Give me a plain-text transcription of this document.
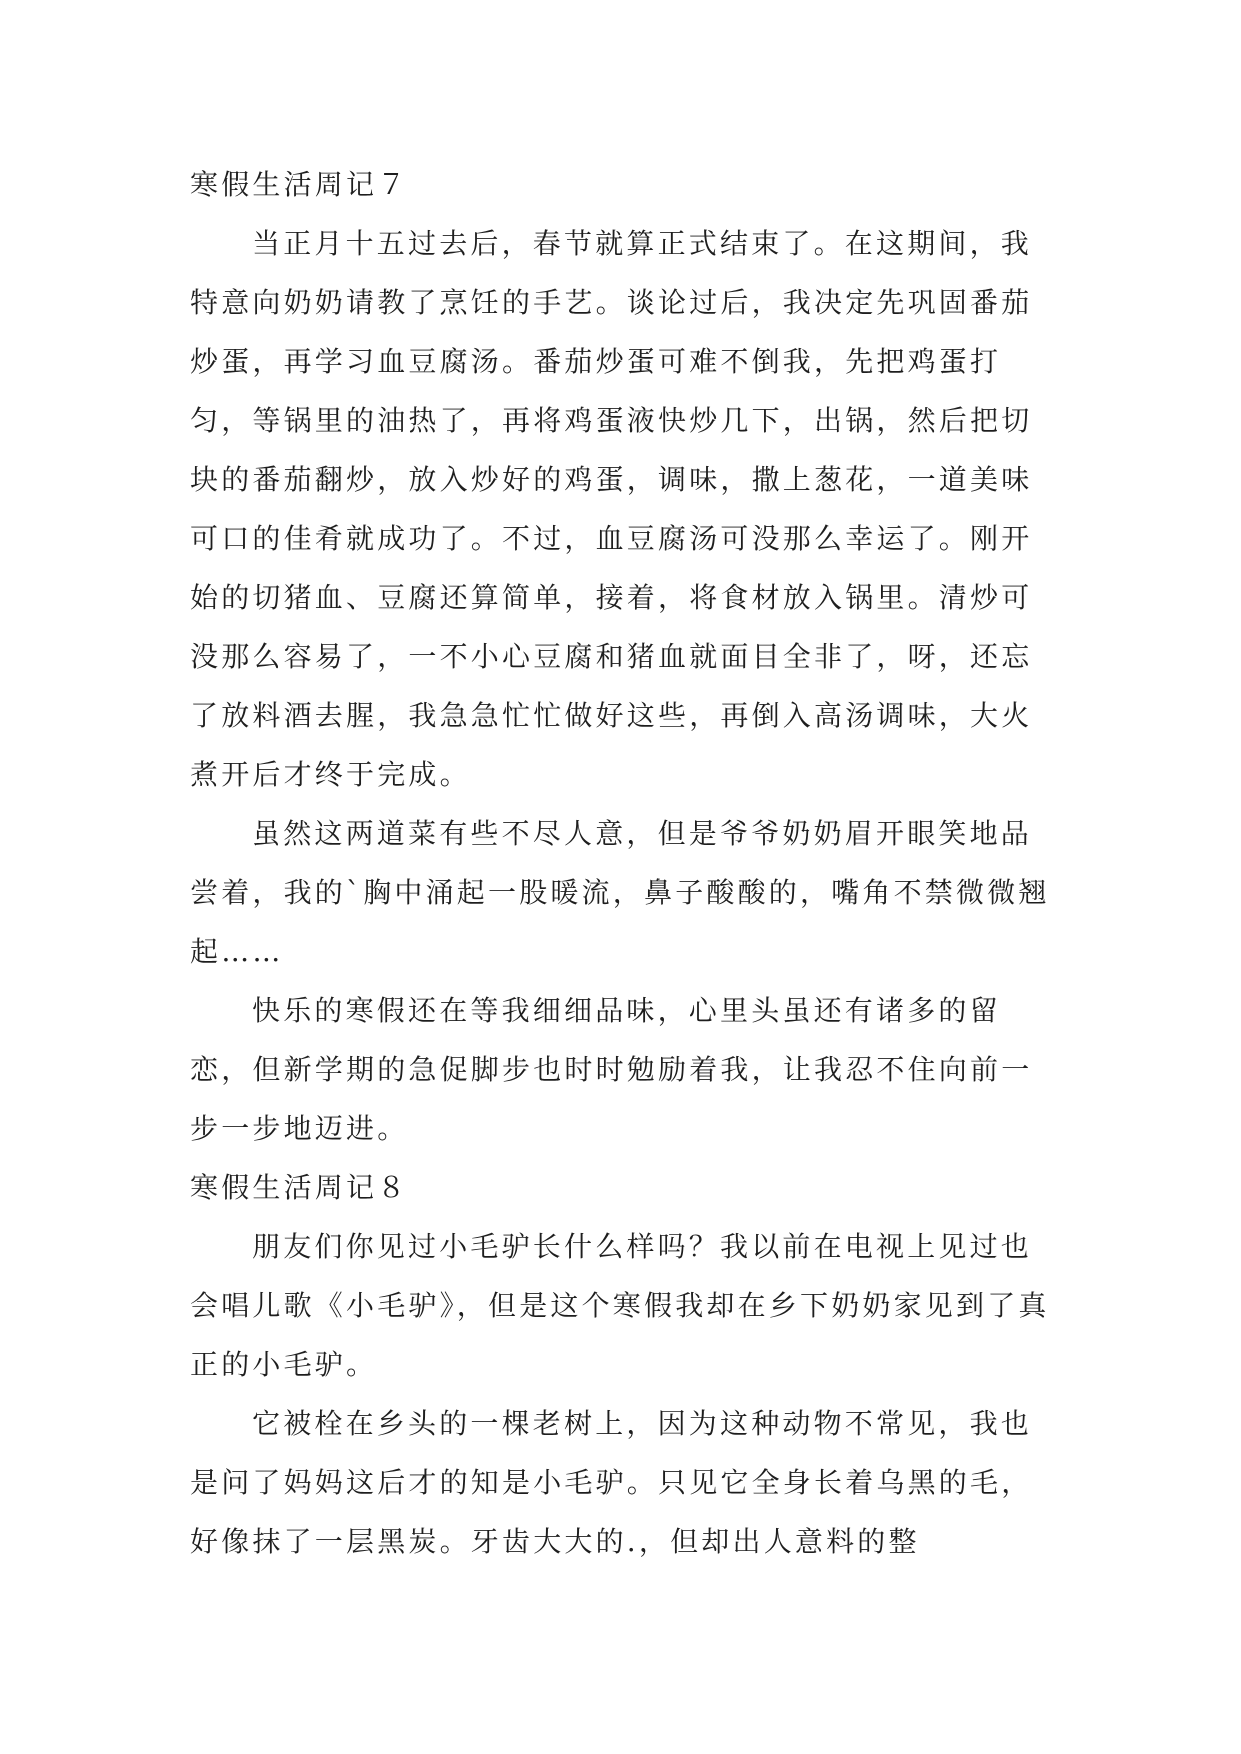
寒假生活周记７

当正月十五过去后，春节就算正式结束了。在这期间，我特意向奶奶请教了烹饪的手艺。谈论过后，我决定先巩固番茄炒蛋，再学习血豆腐汤。番茄炒蛋可难不倒我，先把鸡蛋打匀，等锅里的油热了，再将鸡蛋液快炒几下，出锅，然后把切块的番茄翻炒，放入炒好的鸡蛋，调味，撒上葱花，一道美味可口的佳肴就成功了。不过，血豆腐汤可没那么幸运了。刚开始的切猪血、豆腐还算简单，接着，将食材放入锅里。清炒可没那么容易了，一不小心豆腐和猪血就面目全非了，呀，还忘了放料酒去腥，我急急忙忙做好这些，再倒入高汤调味，大火煮开后才终于完成。

虽然这两道菜有些不尽人意，但是爷爷奶奶眉开眼笑地品尝着，我的`胸中涌起一股暖流，鼻子酸酸的，嘴角不禁微微翘起……

快乐的寒假还在等我细细品味，心里头虽还有诸多的留恋，但新学期的急促脚步也时时勉励着我，让我忍不住向前一步一步地迈进。

寒假生活周记８

朋友们你见过小毛驴长什么样吗？我以前在电视上见过也会唱儿歌《小毛驴》，但是这个寒假我却在乡下奶奶家见到了真正的小毛驴。

它被栓在乡头的一棵老树上，因为这种动物不常见，我也是问了妈妈这后才的知是小毛驴。只见它全身长着乌黑的毛，好像抹了一层黑炭。牙齿大大的.，但却出人意料的整
